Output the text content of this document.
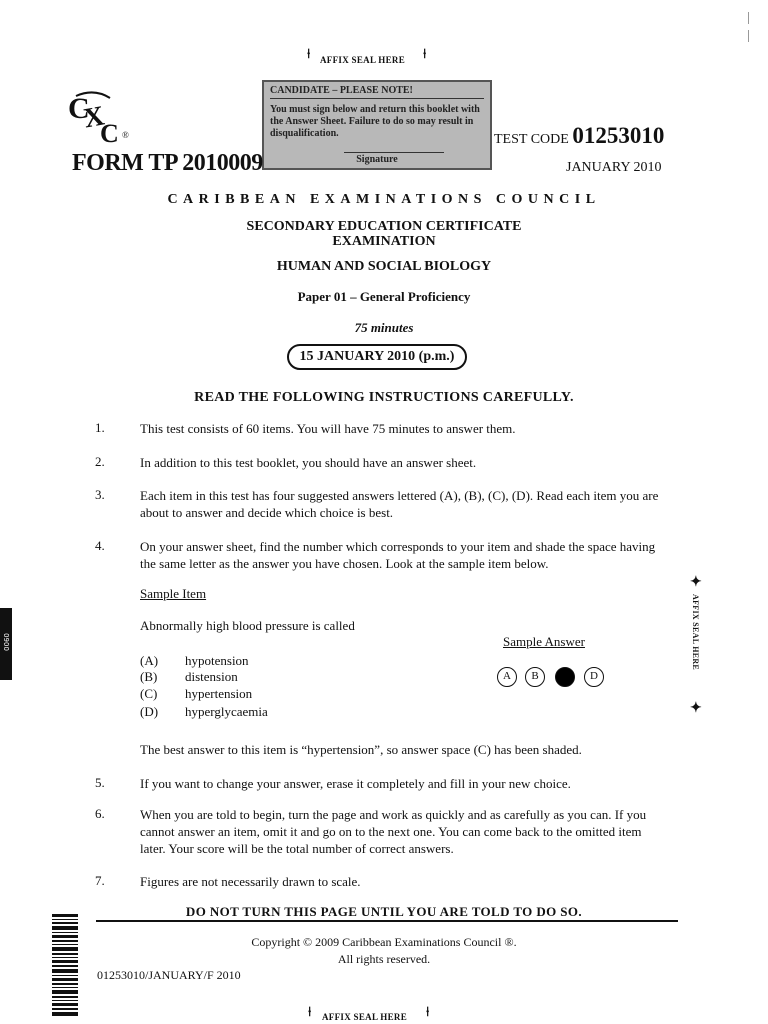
⍿ AFFIX SEAL HERE ⍿
CANDIDATE – PLEASE NOTE!
You must sign below and return this booklet with the Answer Sheet. Failure to do so may result in disqualification.
Signature
C
X
C ®
FORM TP 2010009
TEST CODE 01253010
JANUARY 2010
CARIBBEAN EXAMINATIONS COUNCIL
SECONDARY EDUCATION CERTIFICATE
EXAMINATION
HUMAN AND SOCIAL BIOLOGY
Paper 01 – General Proficiency
75 minutes
15 JANUARY 2010 (p.m.)
READ THE FOLLOWING INSTRUCTIONS CAREFULLY.
1.	This test consists of 60 items. You will have 75 minutes to answer them.
2.	In addition to this test booklet, you should have an answer sheet.
3.	Each item in this test has four suggested answers lettered (A), (B), (C), (D). Read each item you are about to answer and decide which choice is best.
4.	On your answer sheet, find the number which corresponds to your item and shade the space having the same letter as the answer you have chosen. Look at the sample item below.
Sample Item
Abnormally high blood pressure is called
(A) hypotension
(B) distension
(C) hypertension
(D) hyperglycaemia
Sample Answer
A	B	D
The best answer to this item is “hypertension”, so answer space (C) has been shaded.
5.	If you want to change your answer, erase it completely and fill in your new choice.
6.	When you are told to begin, turn the page and work as quickly and as carefully as you can. If you cannot answer an item, omit it and go on to the next one. You can come back to the omitted item later. Your score will be the total number of correct answers.
7.	Figures are not necessarily drawn to scale.
DO NOT TURN THIS PAGE UNTIL YOU ARE TOLD TO DO SO.
Copyright © 2009 Caribbean Examinations Council ®.
All rights reserved.
01253010/JANUARY/F 2010
⍿ AFFIX SEAL HERE ⍿
0900
✦
AFFIX SEAL HERE
✦
